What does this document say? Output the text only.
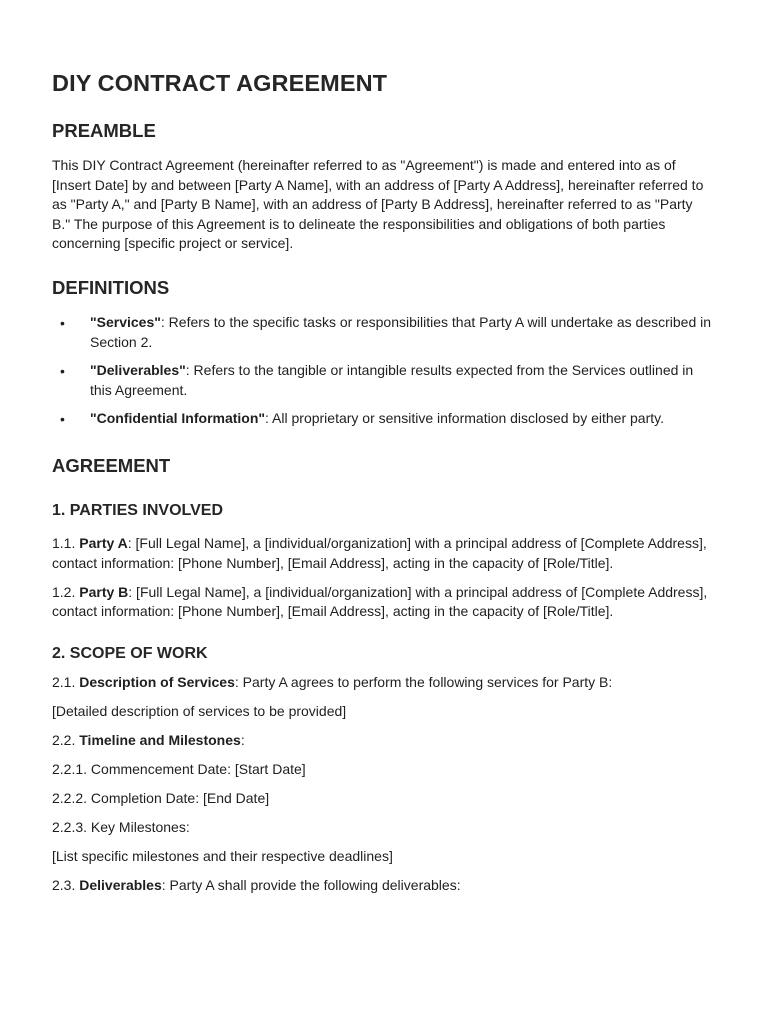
DIY CONTRACT AGREEMENT
PREAMBLE

This DIY Contract Agreement (hereinafter referred to as "Agreement") is made and entered into as of [Insert Date] by and between [Party A Name], with an address of [Party A Address], hereinafter referred to as "Party A," and [Party B Name], with an address of [Party B Address], hereinafter referred to as "Party B." The purpose of this Agreement is to delineate the responsibilities and obligations of both parties concerning [specific project or service].

DEFINITIONS
• "Services": Refers to the specific tasks or responsibilities that Party A will undertake as described in Section 2.
• "Deliverables": Refers to the tangible or intangible results expected from the Services outlined in this Agreement.
• "Confidential Information": All proprietary or sensitive information disclosed by either party.
AGREEMENT
1. PARTIES INVOLVED

1.1. Party A: [Full Legal Name], a [individual/organization] with a principal address of [Complete Address], contact information: [Phone Number], [Email Address], acting in the capacity of [Role/Title].

1.2. Party B: [Full Legal Name], a [individual/organization] with a principal address of [Complete Address], contact information: [Phone Number], [Email Address], acting in the capacity of [Role/Title].

2. SCOPE OF WORK

2.1. Description of Services: Party A agrees to perform the following services for Party B:

[Detailed description of services to be provided]

2.2. Timeline and Milestones:

2.2.1. Commencement Date: [Start Date]

2.2.2. Completion Date: [End Date]

2.2.3. Key Milestones:

[List specific milestones and their respective deadlines]

2.3. Deliverables: Party A shall provide the following deliverables:
